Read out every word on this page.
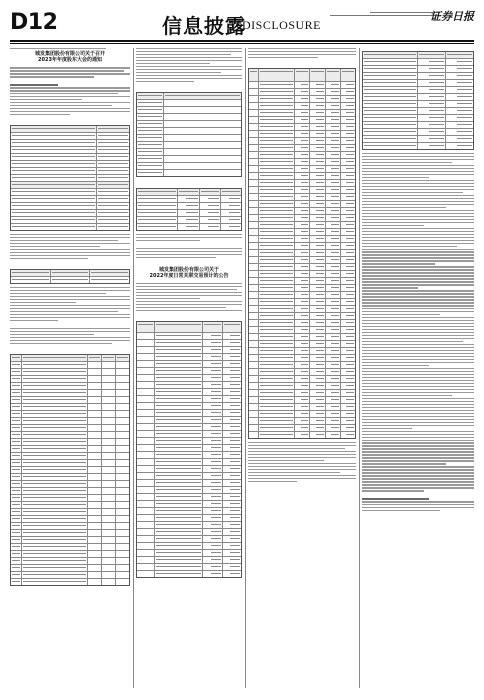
D12	信息披露
DISCLOSURE
证券日报
城发集团股份有限公司关于召开
2023年年度股东大会的通知
城发集团股份有限公司关于
2022年度日常关联交易预计的公告
